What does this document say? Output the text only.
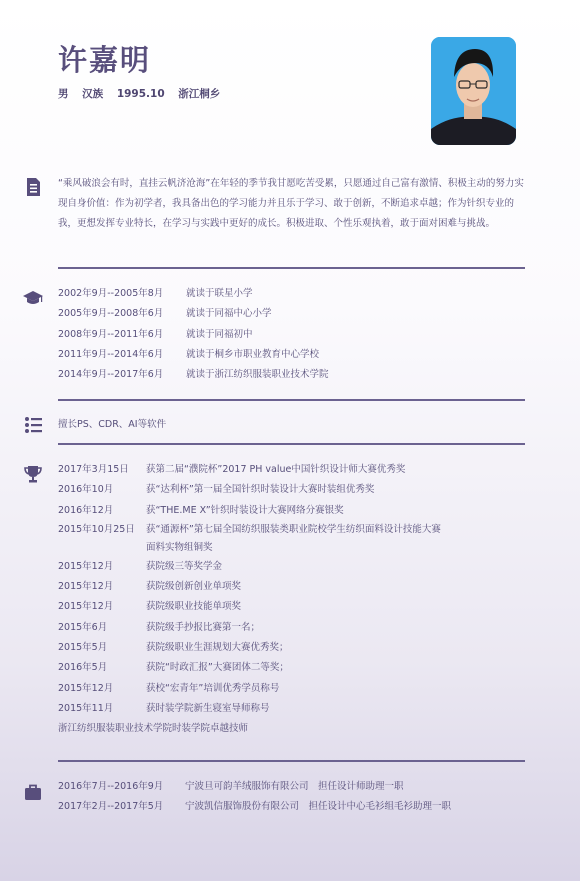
许嘉明
男 汉族 1995.10 浙江桐乡
“乘风破浪会有时，直挂云帆济沧海”在年轻的季节我甘愿吃苦受累，只愿通过自己富有激情、积极主动的努力实现自身价值：作为初学者，我具备出色的学习能力并且乐于学习、敢于创新，不断追求卓越；作为针织专业的我，更想发挥专业特长，在学习与实践中更好的成长。积极进取、个性乐观执着，敢于面对困难与挑战。
2002年9月--2005年8月 就读于联星小学
2005年9月--2008年6月 就读于同福中心小学
2008年9月--2011年6月 就读于同福初中
2011年9月--2014年6月 就读于桐乡市职业教育中心学校
2014年9月--2017年6月 就读于浙江纺织服装职业技术学院
擅长PS、CDR、AI等软件
2017年3月15日 获第二届“濮院杯”2017 PH value中国针织设计师大赛优秀奖
2016年10月	获“达利杯”第一届全国针织时装设计大赛时装组优秀奖
2016年12月	获“THE.ME X”针织时装设计大赛网络分赛银奖
2015年10月25日 获“通源杯”第七届全国纺织服装类职业院校学生纺织面料设计技能大赛
面料实物组铜奖
2015年12月	获院级三等奖学金
2015年12月	获院级创新创业单项奖
2015年12月	获院级职业技能单项奖
2015年6月	获院级手抄报比赛第一名；
2015年5月	获院级职业生涯规划大赛优秀奖；
2016年5月	获院“时政汇报”大赛团体二等奖；
2015年12月	获校“宏青年”培训优秀学员称号
2015年11月	获时装学院新生寝室导师称号
浙江纺织服装职业技术学院时装学院卓越技师
2016年7月--2016年9月 宁波旦可韵羊绒服饰有限公司　担任设计师助理一职
2017年2月--2017年5月 宁波凯信服饰股份有限公司　担任设计中心毛衫组毛衫助理一职
